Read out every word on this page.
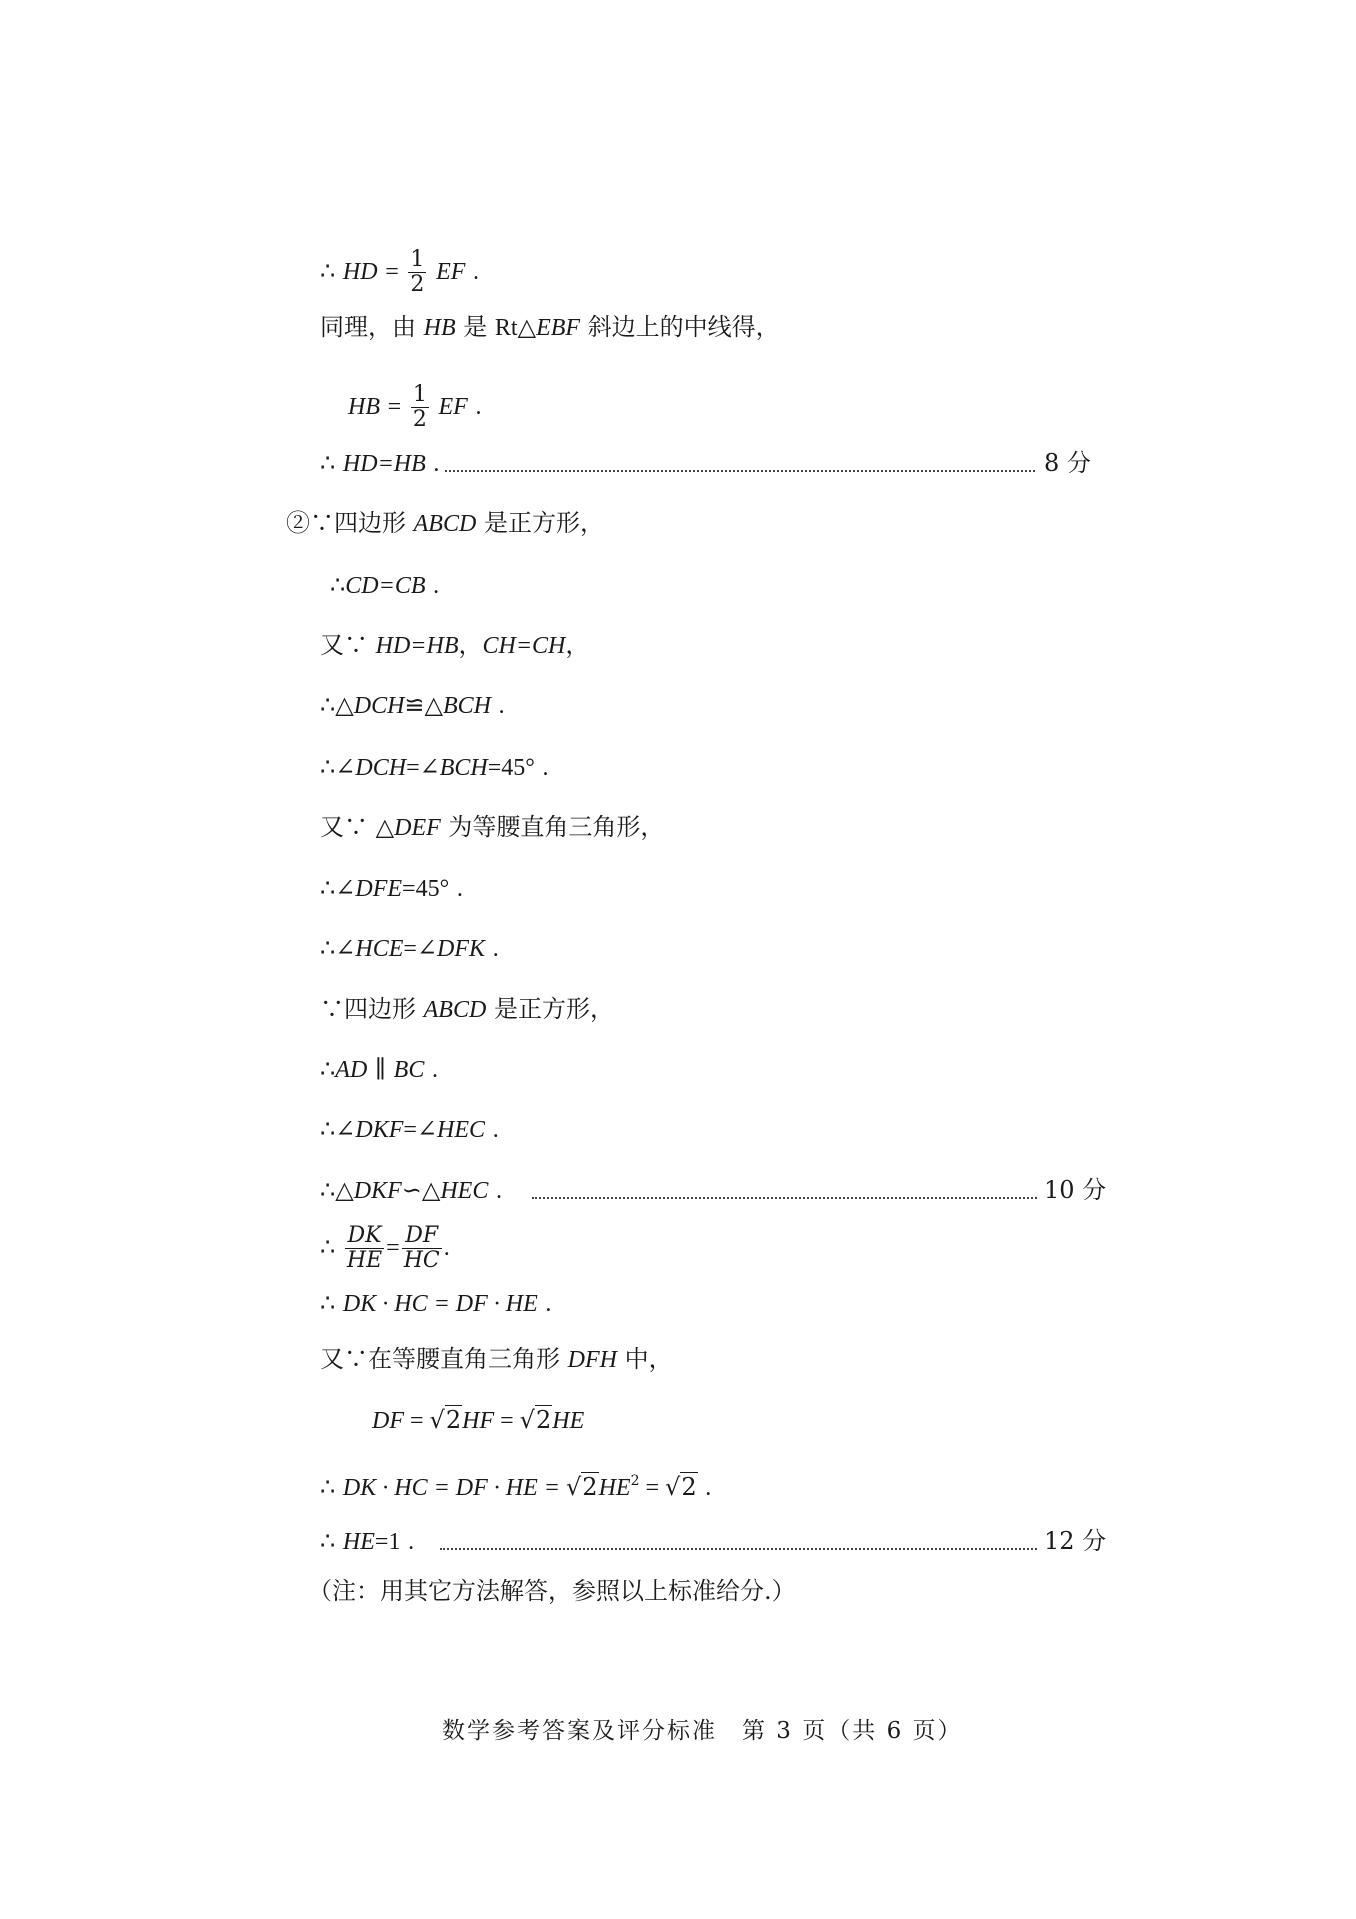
∴ HD = $\frac{1}{2}$ EF .
同理，由 HB 是 Rt△EBF 斜边上的中线得，
HB = $\frac{1}{2}$ EF .
∴ HD=HB .	8 分
②∵四边形 ABCD 是正方形，
∴CD=CB .
又∵ HD=HB，CH=CH，
∴△DCH≌△BCH .
∴∠DCH=∠BCH=45° .
又∵ △DEF 为等腰直角三角形，
∴∠DFE=45° .
∴∠HCE=∠DFK .
∵四边形 ABCD 是正方形，
∴AD ∥ BC .
∴∠DKF=∠HEC .
∴△DKF∽△HEC .	10 分
∴ $\frac{DK}{HE} = \frac{DF}{HC}$ .
∴ DK · HC = DF · HE .
又∵在等腰直角三角形 DFH 中，
DF = √2HF = √2HE
∴ DK · HC = DF · HE = $√2HE^2 = √2$ .
∴ HE=1 .	12 分
（注：用其它方法解答，参照以上标准给分.）
数学参考答案及评分标准　第 3 页（共 6 页）
